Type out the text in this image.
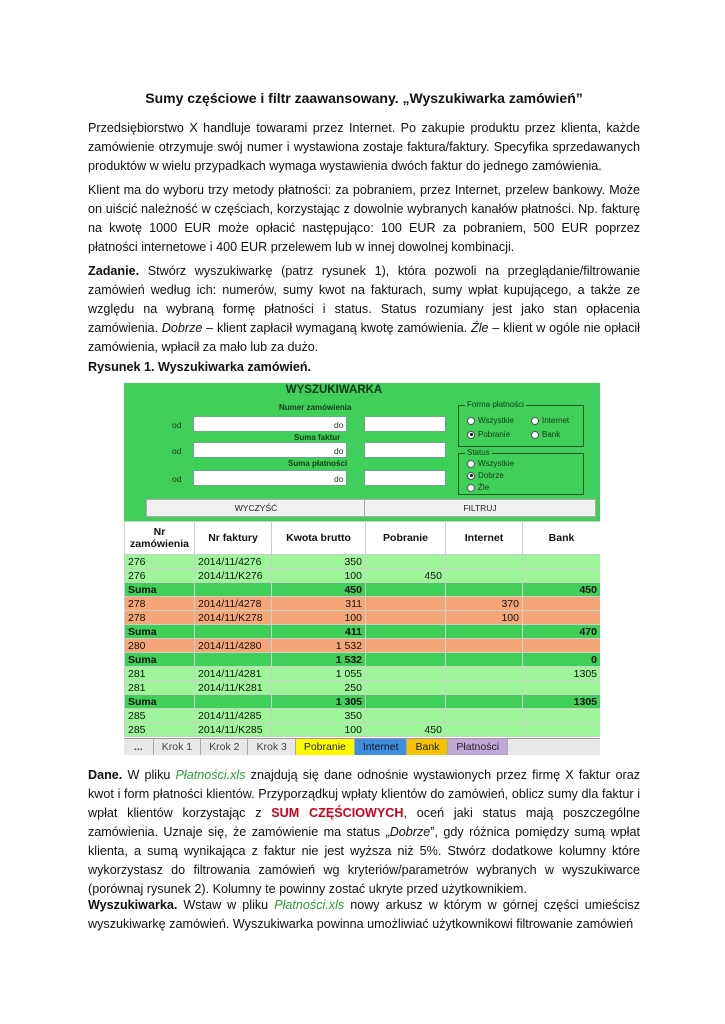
Sumy częściowe i filtr zaawansowany. „Wyszukiwarka zamówień”

Przedsiębiorstwo X handluje towarami przez Internet. Po zakupie produktu przez klienta, każde zamówienie otrzymuje swój numer i wystawiona zostaje faktura/faktury. Specyfika sprzedawanych produktów w wielu przypadkach wymaga wystawienia dwóch faktur do jednego zamówienia.

Klient ma do wyboru trzy metody płatności: za pobraniem, przez Internet, przelew bankowy. Może on uiścić należność w częściach, korzystając z dowolnie wybranych kanałów płatności. Np. fakturę na kwotę 1000 EUR może opłacić następująco: 100 EUR za pobraniem, 500 EUR poprzez płatności internetowe i 400 EUR przelewem lub w innej dowolnej kombinacji.

Zadanie. Stwórz wyszukiwarkę (patrz rysunek 1), która pozwoli na przeglądanie/filtrowanie zamówień według ich: numerów, sumy kwot na fakturach, sumy wpłat kupującego, a także ze względu na wybraną formę płatności i status. Status rozumiany jest jako stan opłacenia zamówienia. Dobrze – klient zapłacił wymaganą kwotę zamówienia. Źle – klient w ogóle nie opłacił zamówienia, wpłacił za mało lub za dużo.

Rysunek 1. Wyszukiwarka zamówień.

Dane. W pliku Płatności.xls znajdują się dane odnośnie wystawionych przez firmę X faktur oraz kwot i form płatności klientów. Przyporządkuj wpłaty klientów do zamówień, oblicz sumy dla faktur i wpłat klientów korzystając z SUM CZĘŚCIOWYCH, oceń jaki status mają poszczególne zamówienia. Uznaje się, że zamówienie ma status „Dobrze”, gdy różnica pomiędzy sumą wpłat klienta, a sumą wynikająca z faktur nie jest wyższa niż 5%. Stwórz dodatkowe kolumny które wykorzystasz do filtrowania zamówień wg kryteriów/parametrów wybranych w wyszukiwarce (porównaj rysunek 2). Kolumny te powinny zostać ukryte przed użytkownikiem.

Wyszukiwarka. Wstaw w pliku Płatności.xls nowy arkusz w którym w górnej części umieścisz wyszukiwarkę zamówień. Wyszukiwarka powinna umożliwiać użytkownikowi filtrowanie zamówień

WYSZUKIWARKA
Numer zamówienia
od	do
Suma faktur
od	do
Suma płatności
od	do
Forma płatności
Wszystkie	Internet
Pobranie	Bank
Status
Wszystkie
Dobrze
Źle
WYCZYŚĆ	FILTRUJ
Nr zamówienia	Nr faktury	Kwota brutto	Pobranie	Internet	Bank
276	2014/11/4276	350			
276	2014/11/K276	100	450		
Suma		450			450
278	2014/11/4278	311		370	
278	2014/11/K278	100		100	
Suma		411			470
280	2014/11/4280	1 532			
Suma		1 532			0
281	2014/11/4281	1 055			1305
281	2014/11/K281	250			
Suma		1 305			1305
285	2014/11/4285	350			
285	2014/11/K285	100	450		
...	Krok 1	Krok 2	Krok 3	Pobranie	Internet	Bank	Płatności
